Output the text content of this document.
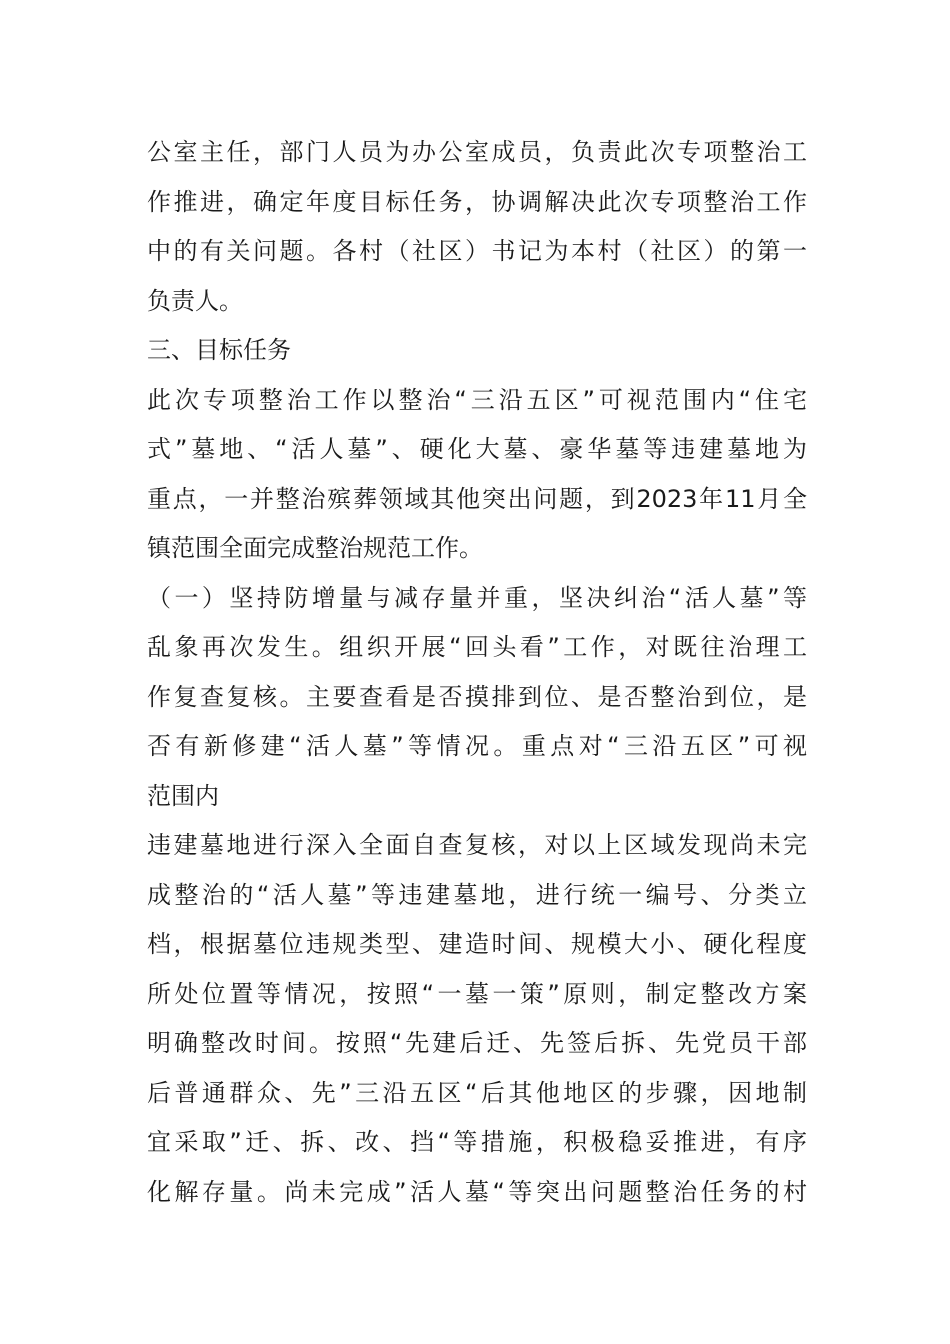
公室主任，部门人员为办公室成员，负责此次专项整治工
作推进，确定年度目标任务，协调解决此次专项整治工作
中的有关问题。各村（社区）书记为本村（社区）的第一
负责人。
三、目标任务
此次专项整治工作以整治“三沿五区”可视范围内“住宅
式”墓地、“活人墓”、硬化大墓、豪华墓等违建墓地为
重点，一并整治殡葬领域其他突出问题，到2023年11月全
镇范围全面完成整治规范工作。
（一）坚持防增量与减存量并重，坚决纠治“活人墓”等
乱象再次发生。组织开展“回头看”工作，对既往治理工
作复查复核。主要查看是否摸排到位、是否整治到位，是
否有新修建“活人墓”等情况。重点对“三沿五区”可视
范围内
违建墓地进行深入全面自查复核，对以上区域发现尚未完
成整治的“活人墓”等违建墓地，进行统一编号、分类立
档，根据墓位违规类型、建造时间、规模大小、硬化程度
所处位置等情况，按照“一墓一策”原则，制定整改方案
明确整改时间。按照“先建后迁、先签后拆、先党员干部
后普通群众、先”三沿五区“后其他地区的步骤，因地制
宜采取”迁、拆、改、挡“等措施，积极稳妥推进，有序
化解存量。尚未完成”活人墓“等突出问题整治任务的村
